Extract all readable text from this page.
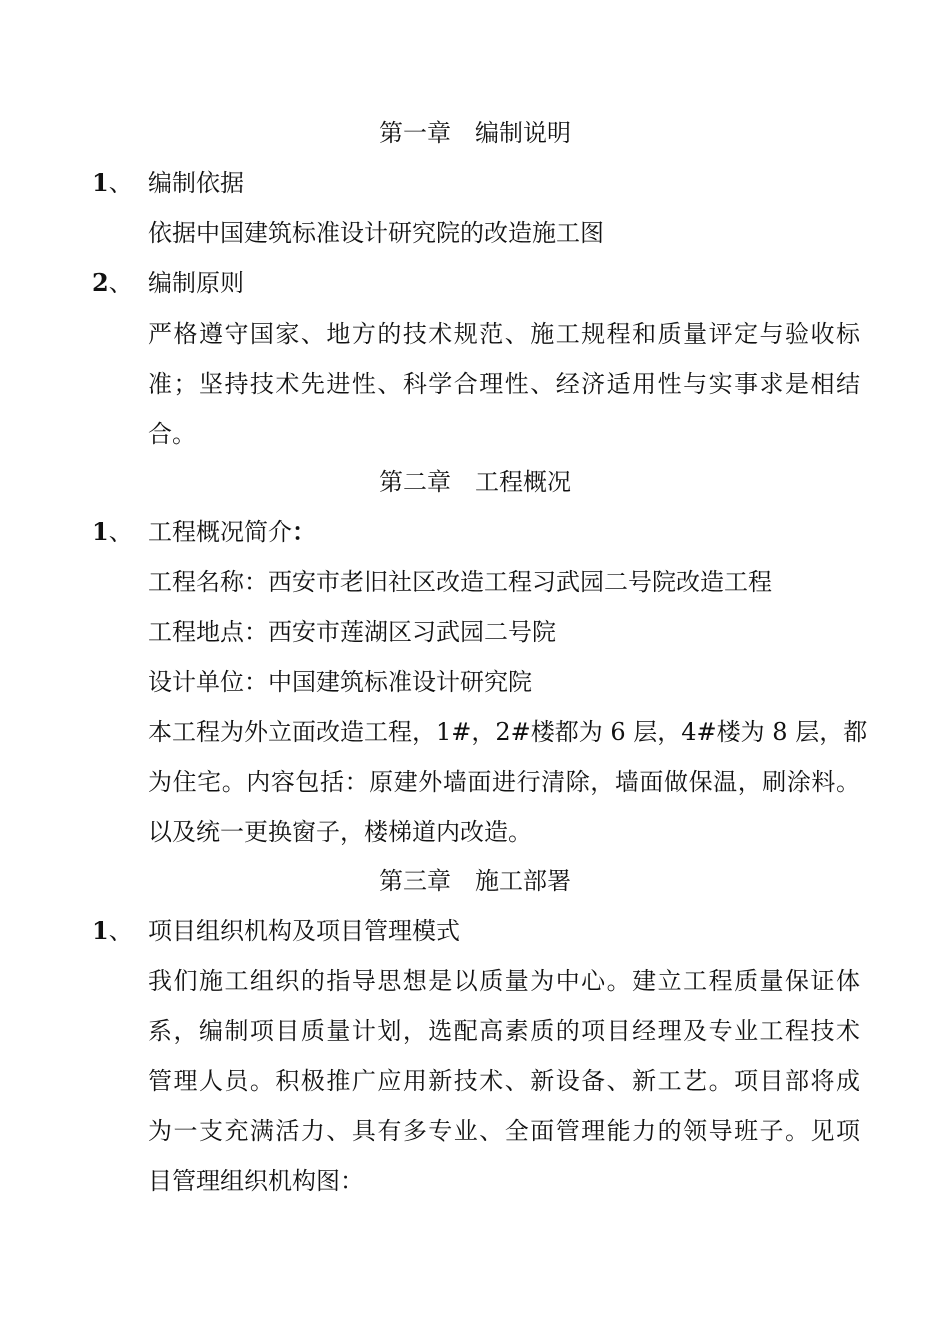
第一章　编制说明
1、 编制依据
依据中国建筑标准设计研究院的改造施工图
2、 编制原则
严格遵守国家、地方的技术规范、施工规程和质量评定与验收标
准；坚持技术先进性、科学合理性、经济适用性与实事求是相结
合。
第二章　工程概况
1、 工程概况简介：
工程名称：西安市老旧社区改造工程习武园二号院改造工程
工程地点：西安市莲湖区习武园二号院
设计单位：中国建筑标准设计研究院
本工程为外立面改造工程，1#，2#楼都为 6 层，4#楼为 8 层，都
为住宅。内容包括：原建外墙面进行清除，墙面做保温，刷涂料。
以及统一更换窗子，楼梯道内改造。
第三章　施工部署
1、 项目组织机构及项目管理模式
我们施工组织的指导思想是以质量为中心。建立工程质量保证体
系，编制项目质量计划，选配高素质的项目经理及专业工程技术
管理人员。积极推广应用新技术、新设备、新工艺。项目部将成
为一支充满活力、具有多专业、全面管理能力的领导班子。见项
目管理组织机构图：
